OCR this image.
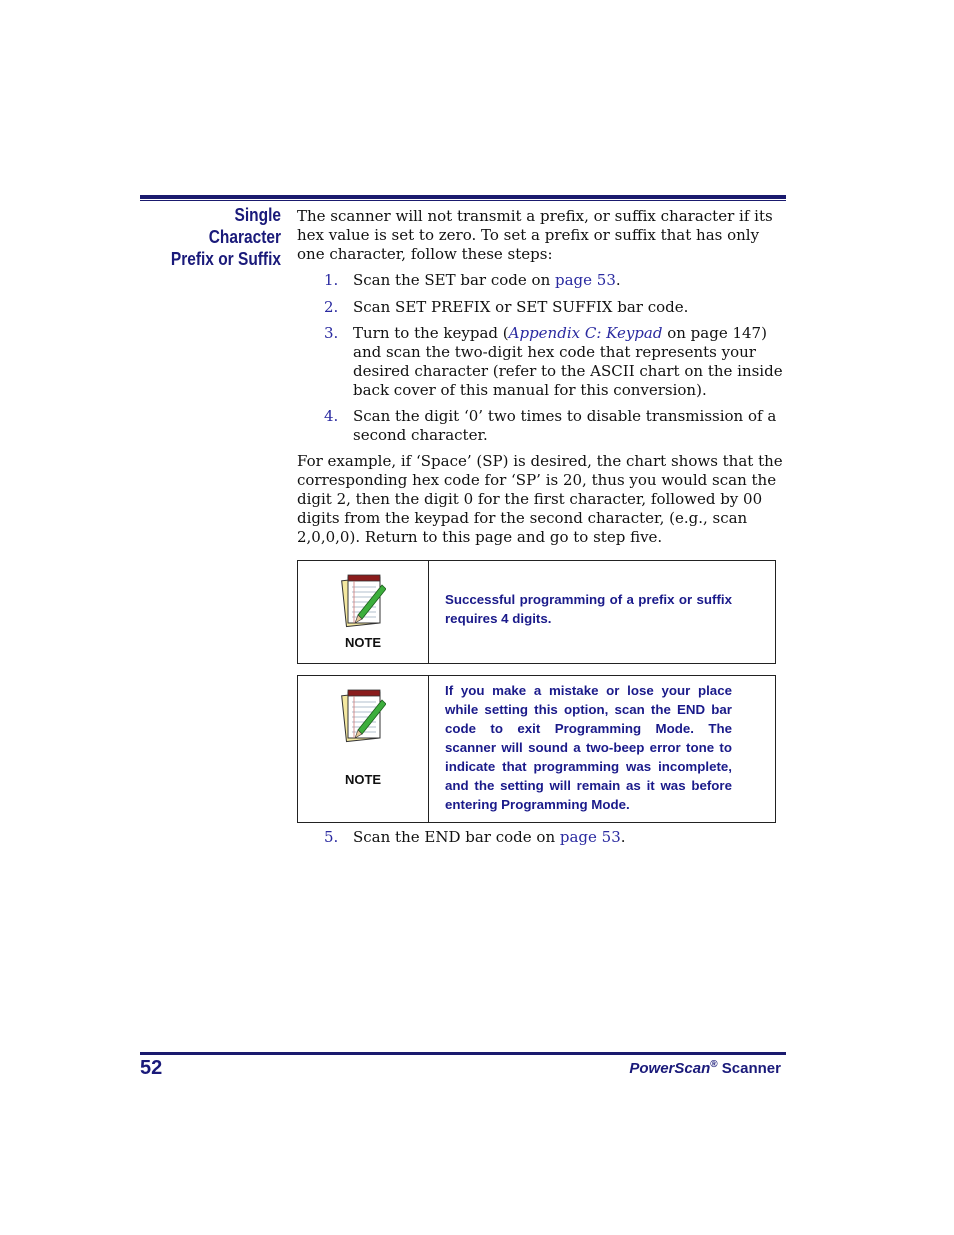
Single
Character
Prefix or Suffix
The scanner will not transmit a prefix, or suffix character if its hex value is set to zero. To set a prefix or suffix that has only one character, follow these steps:
1. Scan the SET bar code on page 53.
2. Scan SET PREFIX or SET SUFFIX bar code.
3. Turn to the keypad (Appendix C: Keypad on page 147) and scan the two-digit hex code that represents your desired character (refer to the ASCII chart on the inside back cover of this manual for this conversion).
4. Scan the digit ‘0’ two times to disable transmission of a second character.
For example, if ‘Space’ (SP) is desired, the chart shows that the corresponding hex code for ‘SP’ is 20, thus you would scan the digit 2, then the digit 0 for the first character, followed by 00 digits from the keypad for the second character, (e.g., scan 2,0,0,0). Return to this page and go to step five.
NOTE
Successful programming of a prefix or suffix requires 4 digits.
NOTE
If you make a mistake or lose your place while setting this option, scan the END bar code to exit Programming Mode. The scanner will sound a two-beep error tone to indicate that programming was incomplete, and the setting will remain as it was before entering Programming Mode.
5. Scan the END bar code on page 53.
52	PowerScan® Scanner
